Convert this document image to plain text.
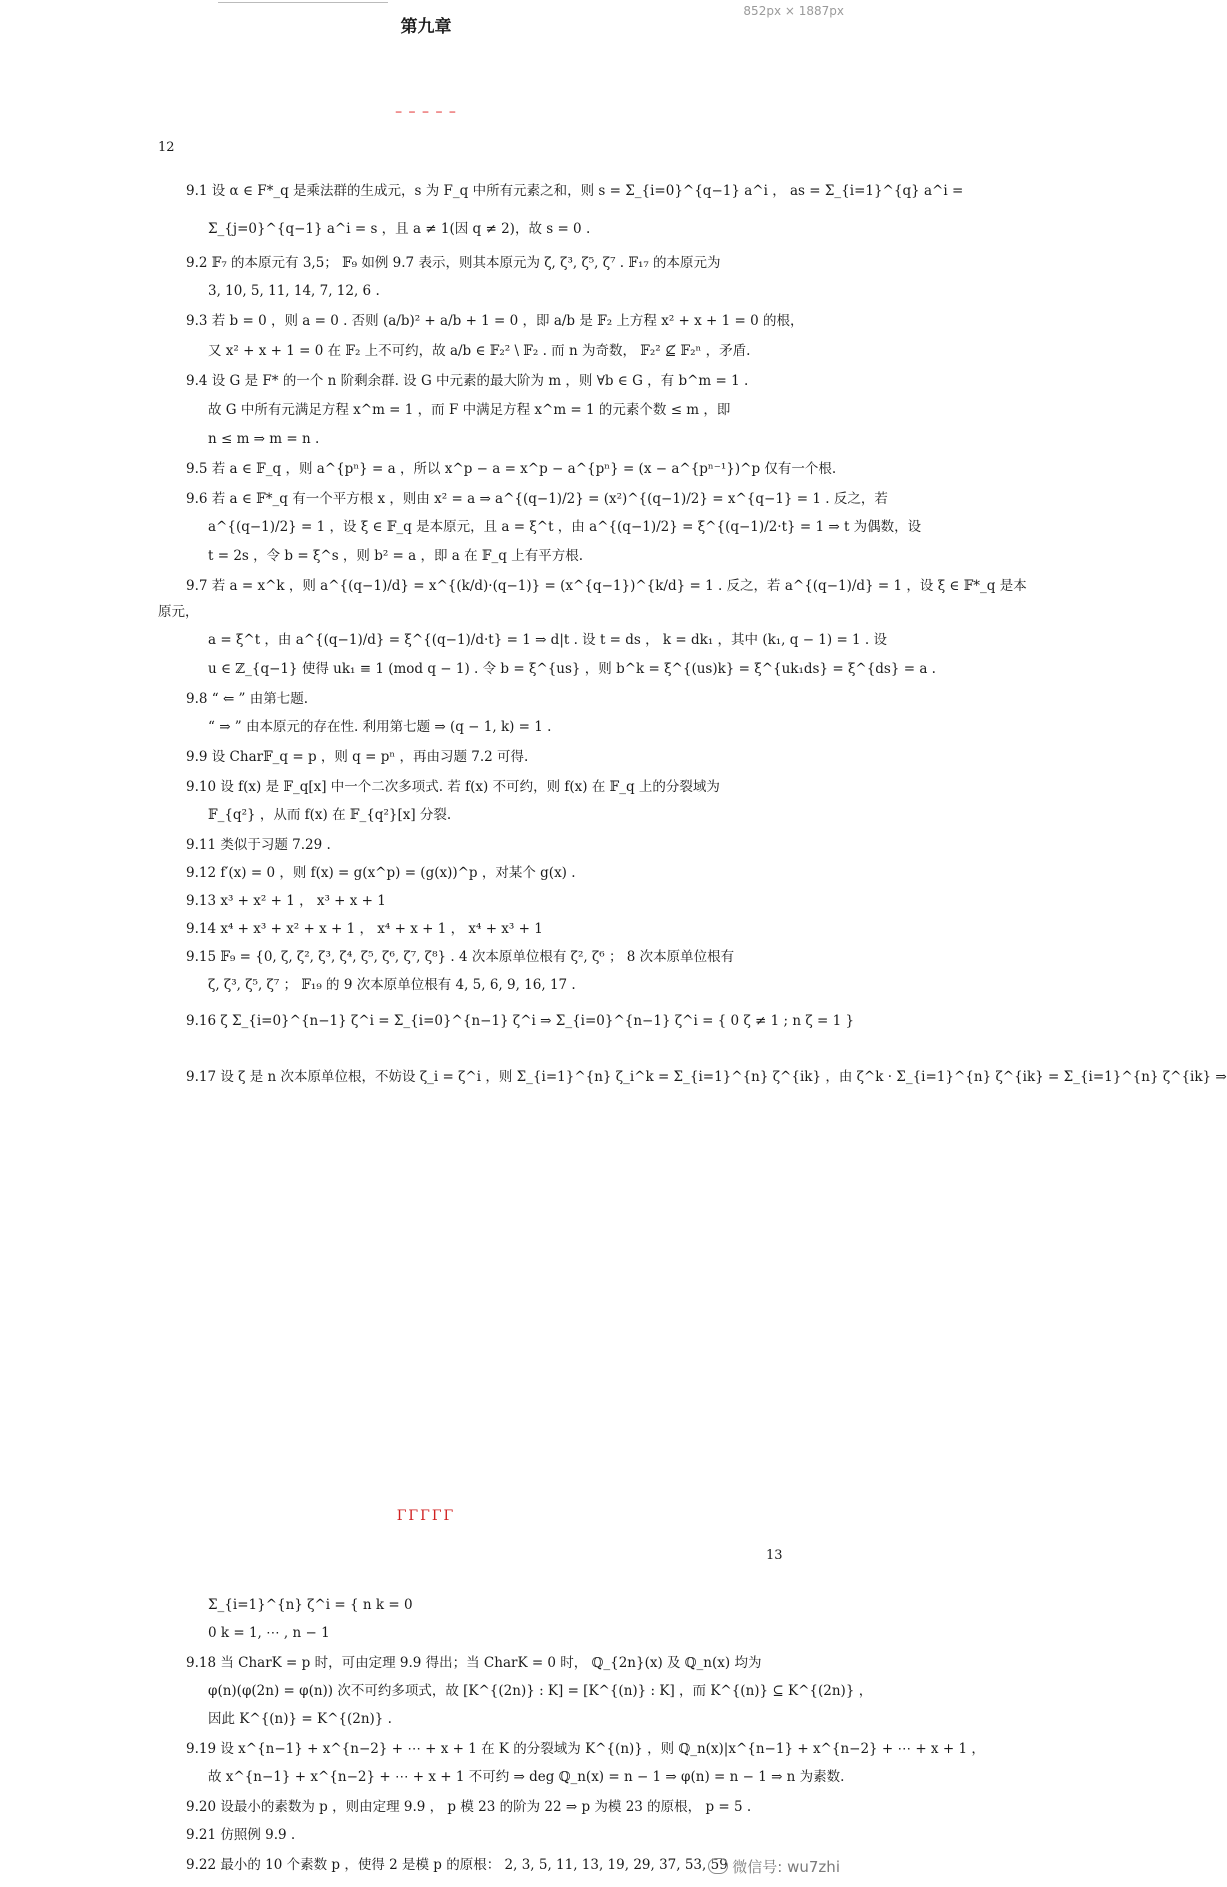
852px × 1887px
第九章
– – – – –
12
9.1 设 α ∈ F*_q 是乘法群的生成元，s 为 F_q 中所有元素之和，则 s = Σ_{i=0}^{q−1} a^i ， as = Σ_{i=1}^{q} a^i =
Σ_{j=0}^{q−1} a^i = s ，且 a ≠ 1(因 q ≠ 2)，故 s = 0 .
9.2 𝔽₇ 的本原元有 3,5； 𝔽₉ 如例 9.7 表示，则其本原元为 ζ, ζ³, ζ⁵, ζ⁷ . 𝔽₁₇ 的本原元为
3, 10, 5, 11, 14, 7, 12, 6 .
9.3 若 b = 0 ，则 a = 0 . 否则 (a/b)² + a/b + 1 = 0 ，即 a/b 是 𝔽₂ 上方程 x² + x + 1 = 0 的根，
又 x² + x + 1 = 0 在 𝔽₂ 上不可约，故 a/b ∈ 𝔽₂² \ 𝔽₂ . 而 n 为奇数， 𝔽₂² ⊈ 𝔽₂ⁿ ，矛盾.
9.4 设 G 是 F* 的一个 n 阶剩余群. 设 G 中元素的最大阶为 m ，则 ∀b ∈ G ，有 b^m = 1 .
故 G 中所有元满足方程 x^m = 1 ，而 F 中满足方程 x^m = 1 的元素个数 ≤ m ，即
n ≤ m ⇒ m = n .
9.5 若 a ∈ 𝔽_q ，则 a^{pⁿ} = a ，所以 x^p − a = x^p − a^{pⁿ} = (x − a^{pⁿ⁻¹})^p 仅有一个根.
9.6 若 a ∈ 𝔽*_q 有一个平方根 x ，则由 x² = a ⇒ a^{(q−1)/2} = (x²)^{(q−1)/2} = x^{q−1} = 1 . 反之，若
a^{(q−1)/2} = 1 ，设 ξ ∈ 𝔽_q 是本原元，且 a = ξ^t ，由 a^{(q−1)/2} = ξ^{(q−1)/2·t} = 1 ⇒ t 为偶数，设
t = 2s ，令 b = ξ^s ，则 b² = a ，即 a 在 𝔽_q 上有平方根.
9.7 若 a = x^k ，则 a^{(q−1)/d} = x^{(k/d)·(q−1)} = (x^{q−1})^{k/d} = 1 . 反之，若 a^{(q−1)/d} = 1 ，设 ξ ∈ 𝔽*_q 是本
原元，
a = ξ^t ，由 a^{(q−1)/d} = ξ^{(q−1)/d·t} = 1 ⇒ d|t . 设 t = ds ， k = dk₁ ，其中 (k₁, q − 1) = 1 . 设
u ∈ ℤ_{q−1} 使得 uk₁ ≡ 1 (mod q − 1) . 令 b = ξ^{us} ，则 b^k = ξ^{(us)k} = ξ^{uk₁ds} = ξ^{ds} = a .
9.8 “ ⇐ ” 由第七题.
“ ⇒ ” 由本原元的存在性. 利用第七题 ⇒ (q − 1, k) = 1 .
9.9 设 Char𝔽_q = p ，则 q = pⁿ ，再由习题 7.2 可得.
9.10 设 f(x) 是 𝔽_q[x] 中一个二次多项式. 若 f(x) 不可约，则 f(x) 在 𝔽_q 上的分裂域为
𝔽_{q²} ，从而 f(x) 在 𝔽_{q²}[x] 分裂.
9.11 类似于习题 7.29 .
9.12 f′(x) = 0 ，则 f(x) = g(x^p) = (g(x))^p ，对某个 g(x) .
9.13 x³ + x² + 1 ， x³ + x + 1
9.14 x⁴ + x³ + x² + x + 1 ， x⁴ + x + 1 ， x⁴ + x³ + 1
9.15 𝔽₉ = {0, ζ, ζ², ζ³, ζ⁴, ζ⁵, ζ⁶, ζ⁷, ζ⁸} . 4 次本原单位根有 ζ², ζ⁶ ； 8 次本原单位根有
ζ, ζ³, ζ⁵, ζ⁷ ； 𝔽₁₉ 的 9 次本原单位根有 4, 5, 6, 9, 16, 17 .
9.16 ζ Σ_{i=0}^{n−1} ζ^i = Σ_{i=0}^{n−1} ζ^i ⇒ Σ_{i=0}^{n−1} ζ^i = { 0 ζ ≠ 1 ; n ζ = 1 }
9.17 设 ζ 是 n 次本原单位根，不妨设 ζ_i = ζ^i ，则 Σ_{i=1}^{n} ζ_i^k = Σ_{i=1}^{n} ζ^{ik} ，由 ζ^k · Σ_{i=1}^{n} ζ^{ik} = Σ_{i=1}^{n} ζ^{ik} ⇒
ΓΓΓΓΓ
13
Σ_{i=1}^{n} ζ^i = { n k = 0
0 k = 1, ⋯ , n − 1
9.18 当 CharK = p 时，可由定理 9.9 得出；当 CharK = 0 时， ℚ_{2n}(x) 及 ℚ_n(x) 均为
φ(n)(φ(2n) = φ(n)) 次不可约多项式，故 [K^{(2n)} : K] = [K^{(n)} : K] ，而 K^{(n)} ⊆ K^{(2n)} ，
因此 K^{(n)} = K^{(2n)} .
9.19 设 x^{n−1} + x^{n−2} + ⋯ + x + 1 在 K 的分裂域为 K^{(n)} ，则 ℚ_n(x)|x^{n−1} + x^{n−2} + ⋯ + x + 1 ，
故 x^{n−1} + x^{n−2} + ⋯ + x + 1 不可约 ⇒ deg ℚ_n(x) = n − 1 ⇒ φ(n) = n − 1 ⇒ n 为素数.
9.20 设最小的素数为 p ，则由定理 9.9 ， p 模 23 的阶为 22 ⇒ p 为模 23 的原根， p = 5 .
9.21 仿照例 9.9 .
9.22 最小的 10 个素数 p ，使得 2 是模 p 的原根： 2, 3, 5, 11, 13, 19, 29, 37, 53, 59 微信号: wu7zhi
